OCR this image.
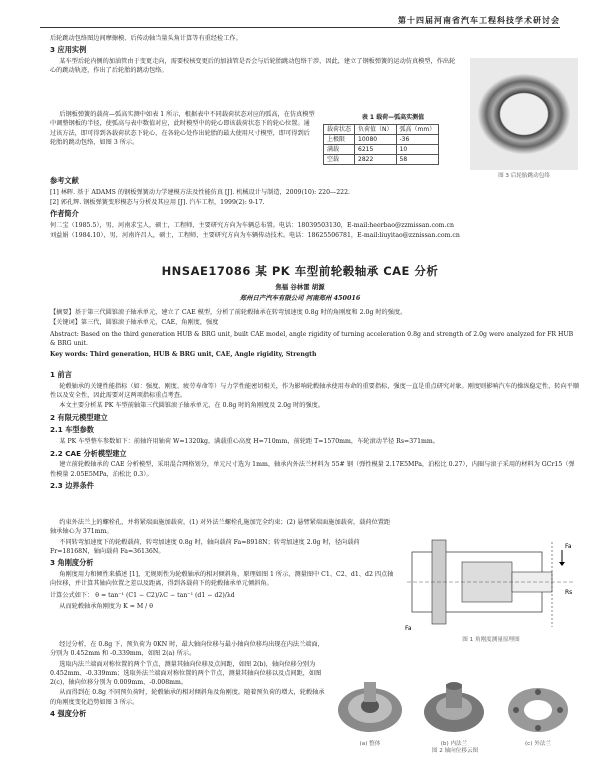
第十四届河南省汽车工程科技学术研讨会
后轮跳动包络图边间摩擦模、后传动轴当量头角计算等有重经检工作。
3 应用实例
某车型后轮内侧的加油管由于变更走向，需要校核变更后的加油管是否会与后轮胎跳动包络干涉，因此，建立了钢板弹簧的运动仿真模型，作出轮心的跳动轨迹，作出了后轮胎的跳动包络。
后钢板弹簧的载荷—弧高实测中如表 1 所示，根据表中不同载荷状态对应的弧高，在仿真模型中调整钢板的半径，使弧高与表中数值对应，此时模型中的轮心即该载荷状态下的轮心位置。通过该方法，即可得到各载荷状态下轮心，在各轮心处作出轮胎的最大使用尺寸模型，即可得到后轮胎的跳动包络，如图 3 所示。
表 1 载荷—弧高实测值
载荷状态	负荷值（N）	弧高（mm）
上极限	10080	-36
满载	6215	10
空载	2822	58
图 3 后轮胎跳动包络
参考文献
[1] 林晖. 基于 ADAMS 的钢板弹簧动力学建模方法及性能仿真 [J]. 机械设计与制造，2009(10): 220—222.
[2] 郭孔辉. 钢板弹簧变形模态与分析及其应用 [J]. 汽车工程，1999(2): 9-17.
作者简介
何二宝（1985.5），男，河南求宝人，硕士，工程师，主要研究方向为车辆总布置。电话：18039503130，E-mail:heerbao@zzmissan.com.cn
刘益娟（1984.10），男，河南许昌人，硕士，工程师，主要研究方向为车辆传动技术。电话：18625506781，E-mail:liuyitao@zznissan.com.cn
HNSAE17086 某 PK 车型前轮毂轴承 CAE 分析
焦福 谷林雷 胡源
郑州日产汽车有限公司 河南郑州 450016
【摘要】基于第三代圆锥滚子轴承单元，建立了 CAE 模型，分析了前轮毂轴承在转弯加速度 0.8g 时的角刚度和 2.0g 时的强度。
【关键词】第三代，圆锥滚子轴承单元，CAE，角刚度，强度
Abstract: Based on the third generation HUB & BRG unit, built CAE model, angle rigidity of turning acceleration 0.8g and strength of 2.0g were analyzed for FR HUB & BRG unit.
Key words: Third generation, HUB & BRG unit, CAE, Angle rigidity, Strength
1 前言
轮毂轴承的关键性能指标（如：强度、刚度、疲劳寿命等）与力学性能密切相关，作为影响轮毂轴承使用寿命的重要指标，强度一直是重点研究对象。刚度则影响汽车的操纵稳定性，转向平顺性以及安全性，因此需要对这两项指标重点考查。
本文主要分析某 PK 车型前轴第三代圆锥滚子轴承单元，在 0.8g 时的角刚度及 2.0g 时的强度。
2 有限元模型建立
2.1 车型参数
某 PK 车型整车参数如下：前轴许用轴荷 W=1320kg，满载重心高度 H=710mm，前轮距 T=1570mm，车轮滚动半径 Rs=371mm。
2.2 CAE 分析模型建立
建立前轮毂轴承的 CAE 分析模型，采用混合网格划分，单元尺寸选为 1mm，轴承内外法兰材料为 55# 钢（弹性模量 2.17E5MPa，泊松比 0.27），内圈与滚子采用的材料为 GCr15（弹性模量 2.05E5MPa，泊松比 0.3）。
2.3 边界条件
约束外法兰上的螺栓孔，并将紧端面施加载荷，(1) 对外法兰螺栓孔施加完全约束；(2) 悬臂紧端面施加载荷，载荷位置距轴承轴心为 371mm。
不同转弯加速度下的轮毂载荷，转弯加速度 0.8g 时，轴向载荷 Fa=8918N；转弯加速度 2.0g 时，径向载荷 Fr=18168N，轴向载荷 Fa=36136N。
3 角刚度分析
角刚度用力和倾性来描述 [1]，无规则性为轮毂轴承的相对倾斜角，原理如图 1 所示，测量图中 C1、C2、d1、d2 四点轴向位移，并计算其轴向位置之差以及距离，得到各载荷下的轮毂轴承单元倾斜角。
计算公式如下： θ = tan⁻¹ (C1 − C2)/λC − tan⁻¹ (d1 − d2)/λd
从而轮毂轴承角刚度为 K = M / θ
经过分析，在 0.8g 下，预负荷为 0KN 时，最大轴向位移与最小轴向位移均出现在内法兰端面，分别为 0.452mm 和 -0.339mm，如图 2(a) 所示。
选取内法兰端面对称位置的两个节点，测量其轴向位移及点间距，如图 2(b)，轴向位移分别为 0.452mm、-0.339mm；选取外法兰端面对称位置的两个节点，测量其轴向位移以及点间距，如图 2(c)，轴向位移分别为 0.009mm、-0.008mm。
从而得到在 0.8g 不同预负荷时，轮毂轴承的相对倾斜角及角刚度。随着预负荷的增大，轮毂轴承的角刚度变化趋势如图 3 所示。
4 强度分析
Fa
Rs
Fa
图 1 角刚度测量原理图
(a) 整体	(b) 内法兰	(c) 外法兰
图 2 轴向位移云图
